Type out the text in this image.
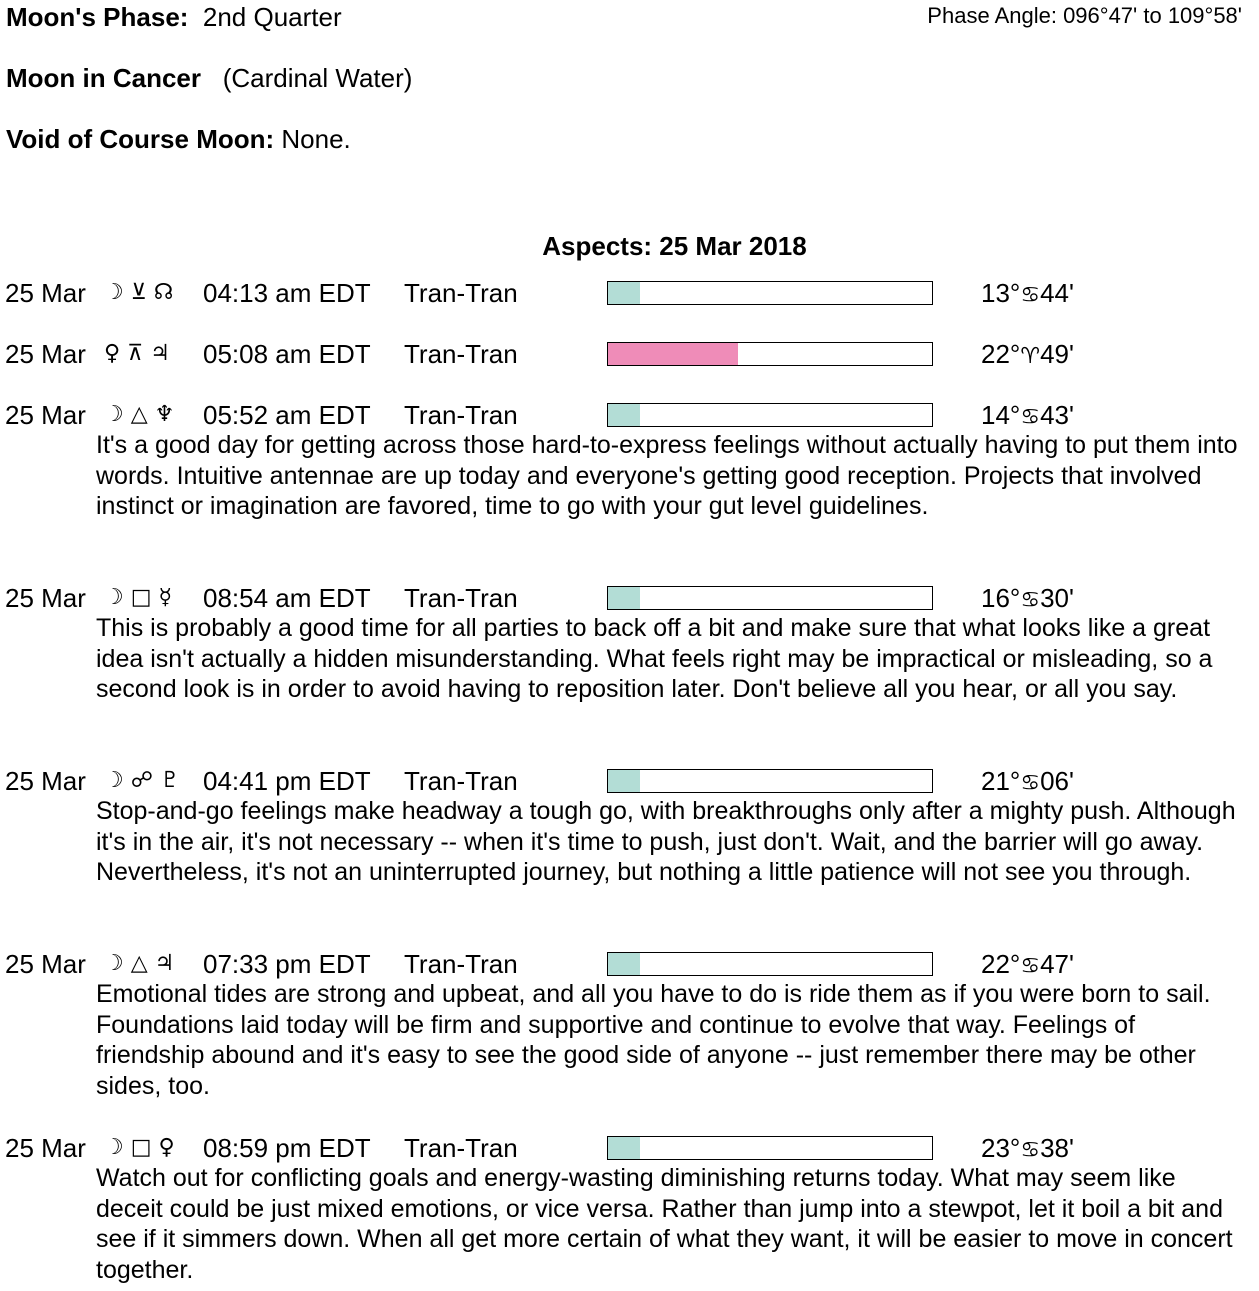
Moon's Phase: 2nd Quarter	Phase Angle: 096°47' to 109°58'
Moon in Cancer (Cardinal Water)
Void of Course Moon: None.
Aspects: 25 Mar 2018
25 Mar ☽ ⊻ ☊ 04:13 am EDT Tran-Tran	13°♋44'
25 Mar ♀ ⊼ ♃ 05:08 am EDT Tran-Tran	22°♈49'
25 Mar ☽ △ ♆ 05:52 am EDT Tran-Tran	14°♋43'

It's a good day for getting across those hard-to-express feelings without actually having to put them into words. Intuitive antennae are up today and everyone's getting good reception. Projects that involved instinct or imagination are favored, time to go with your gut level guidelines.

25 Mar ☽ □ ☿ 08:54 am EDT Tran-Tran	16°♋30'

This is probably a good time for all parties to back off a bit and make sure that what looks like a great idea isn't actually a hidden misunderstanding. What feels right may be impractical or misleading, so a second look is in order to avoid having to reposition later. Don't believe all you hear, or all you say.

25 Mar ☽ ☍ ♇ 04:41 pm EDT Tran-Tran	21°♋06'

Stop-and-go feelings make headway a tough go, with breakthroughs only after a mighty push. Although it's in the air, it's not necessary -- when it's time to push, just don't. Wait, and the barrier will go away. Nevertheless, it's not an uninterrupted journey, but nothing a little patience will not see you through.

25 Mar ☽ △ ♃ 07:33 pm EDT Tran-Tran	22°♋47'

Emotional tides are strong and upbeat, and all you have to do is ride them as if you were born to sail. Foundations laid today will be firm and supportive and continue to evolve that way. Feelings of friendship abound and it's easy to see the good side of anyone -- just remember there may be other sides, too.

25 Mar ☽ □ ♀ 08:59 pm EDT Tran-Tran	23°♋38'

Watch out for conflicting goals and energy-wasting diminishing returns today. What may seem like deceit could be just mixed emotions, or vice versa. Rather than jump into a stewpot, let it boil a bit and see if it simmers down. When all get more certain of what they want, it will be easier to move in concert together.
